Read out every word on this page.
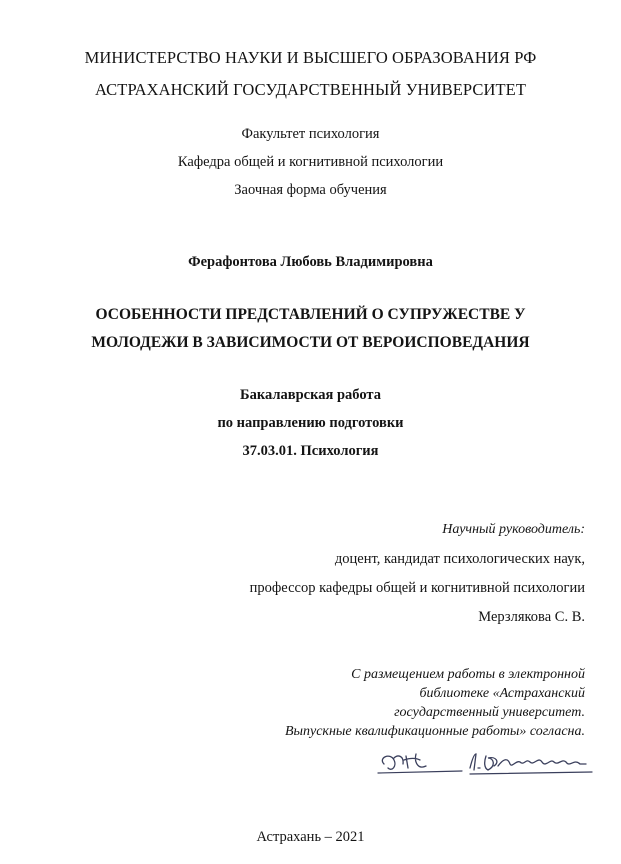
МИНИСТЕРСТВО НАУКИ И ВЫСШЕГО ОБРАЗОВАНИЯ РФ
АСТРАХАНСКИЙ ГОСУДАРСТВЕННЫЙ УНИВЕРСИТЕТ
Факультет психология
Кафедра общей и когнитивной психологии
Заочная форма обучения
Ферафонтова Любовь Владимировна
ОСОБЕННОСТИ ПРЕДСТАВЛЕНИЙ О СУПРУЖЕСТВЕ У
МОЛОДЕЖИ В ЗАВИСИМОСТИ ОТ ВЕРОИСПОВЕДАНИЯ
Бакалаврская работа
по направлению подготовки
37.03.01. Психология
Научный руководитель:
доцент, кандидат психологических наук,
профессор кафедры общей и когнитивной психологии
Мерзлякова С. В.
С размещением работы в электронной
библиотеке «Астраханский
государственный университет.
Выпускные квалификационные работы» согласна.
Астрахань – 2021
